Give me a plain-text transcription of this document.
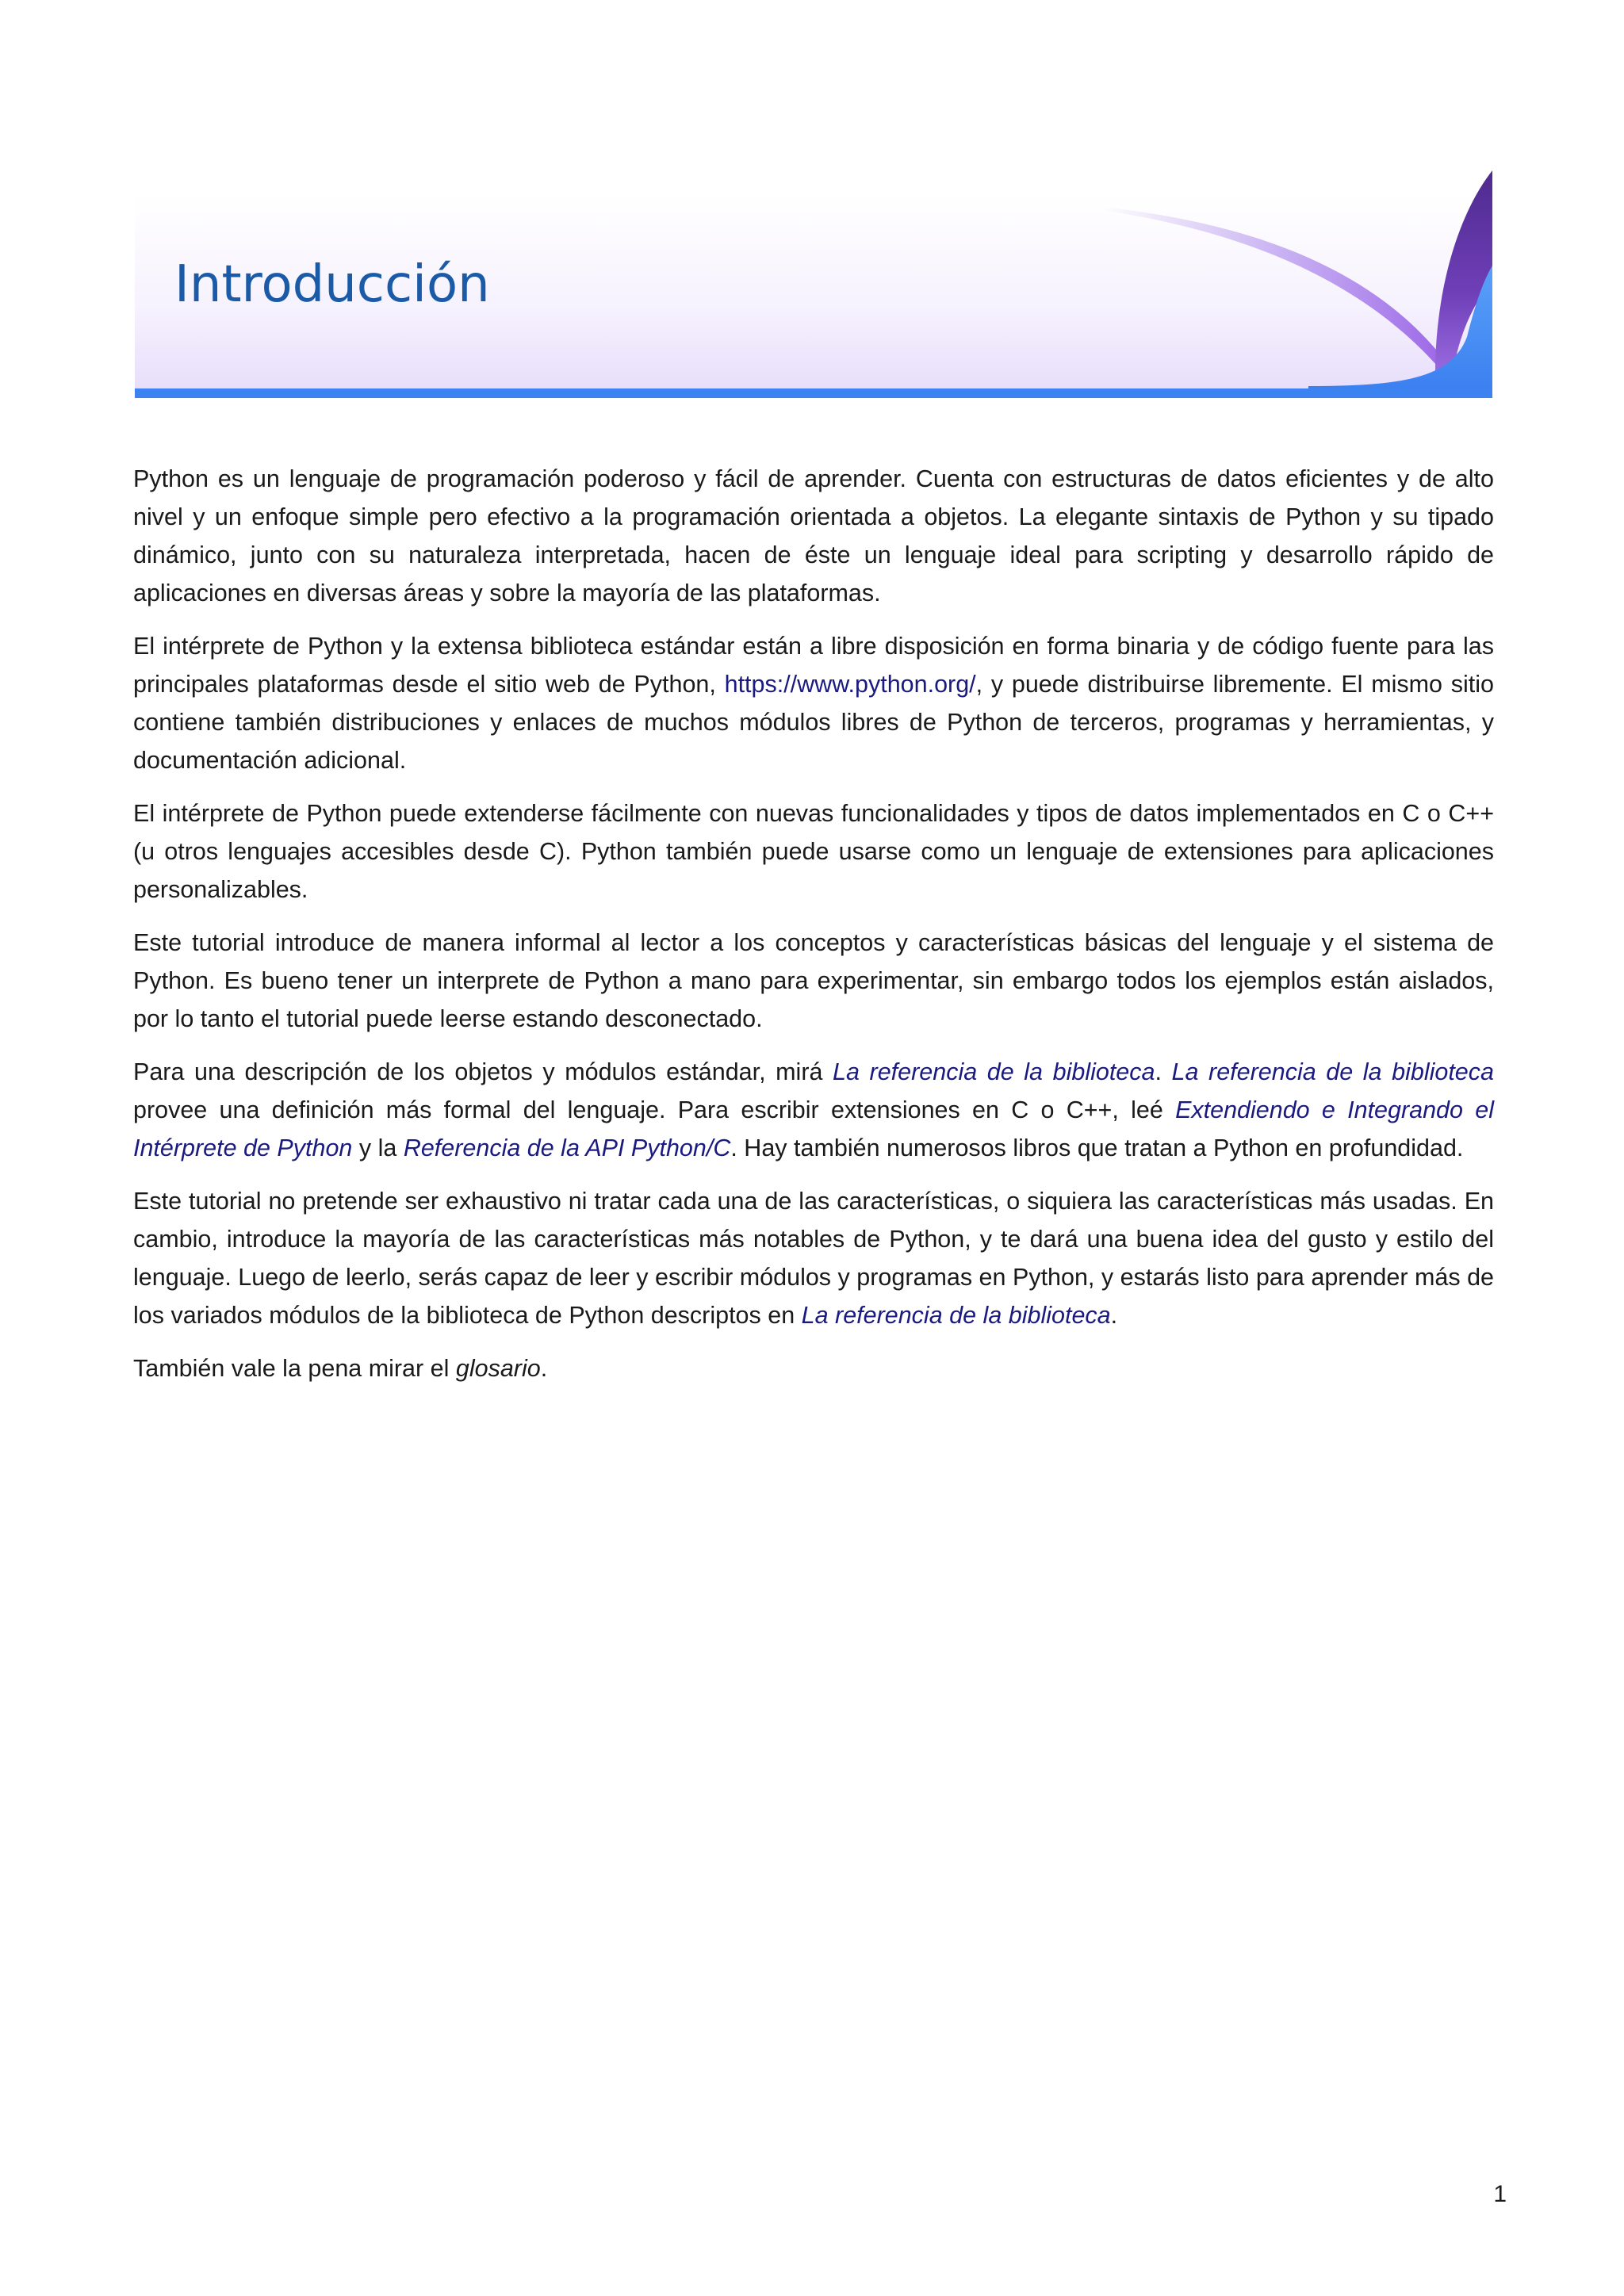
Introducción

Python es un lenguaje de programación poderoso y fácil de aprender. Cuenta con estructuras de datos eficientes y de alto nivel y un enfoque simple pero efectivo a la programación orientada a objetos. La elegante sintaxis de Python y su tipado dinámico, junto con su naturaleza interpretada, hacen de éste un lenguaje ideal para scripting y desarrollo rápido de aplicaciones en diversas áreas y sobre la mayoría de las plataformas.

El intérprete de Python y la extensa biblioteca estándar están a libre disposición en forma binaria y de código fuente para las principales plataformas desde el sitio web de Python, https://www.python.org/, y puede distribuirse libremente. El mismo sitio contiene también distribuciones y enlaces de muchos módulos libres de Python de terceros, programas y herramientas, y documentación adicional.

El intérprete de Python puede extenderse fácilmente con nuevas funcionalidades y tipos de datos implementados en C o C++ (u otros lenguajes accesibles desde C). Python también puede usarse como un lenguaje de extensiones para aplicaciones personalizables.

Este tutorial introduce de manera informal al lector a los conceptos y características básicas del lenguaje y el sistema de Python. Es bueno tener un interprete de Python a mano para experimentar, sin embargo todos los ejemplos están aislados, por lo tanto el tutorial puede leerse estando desconectado.

Para una descripción de los objetos y módulos estándar, mirá La referencia de la biblioteca. La referencia de la biblioteca provee una definición más formal del lenguaje. Para escribir extensiones en C o C++, leé Extendiendo e Integrando el Intérprete de Python y la Referencia de la API Python/C. Hay también numerosos libros que tratan a Python en profundidad.

Este tutorial no pretende ser exhaustivo ni tratar cada una de las características, o siquiera las características más usadas. En cambio, introduce la mayoría de las características más notables de Python, y te dará una buena idea del gusto y estilo del lenguaje. Luego de leerlo, serás capaz de leer y escribir módulos y programas en Python, y estarás listo para aprender más de los variados módulos de la biblioteca de Python descriptos en La referencia de la biblioteca.

También vale la pena mirar el glosario.

1
